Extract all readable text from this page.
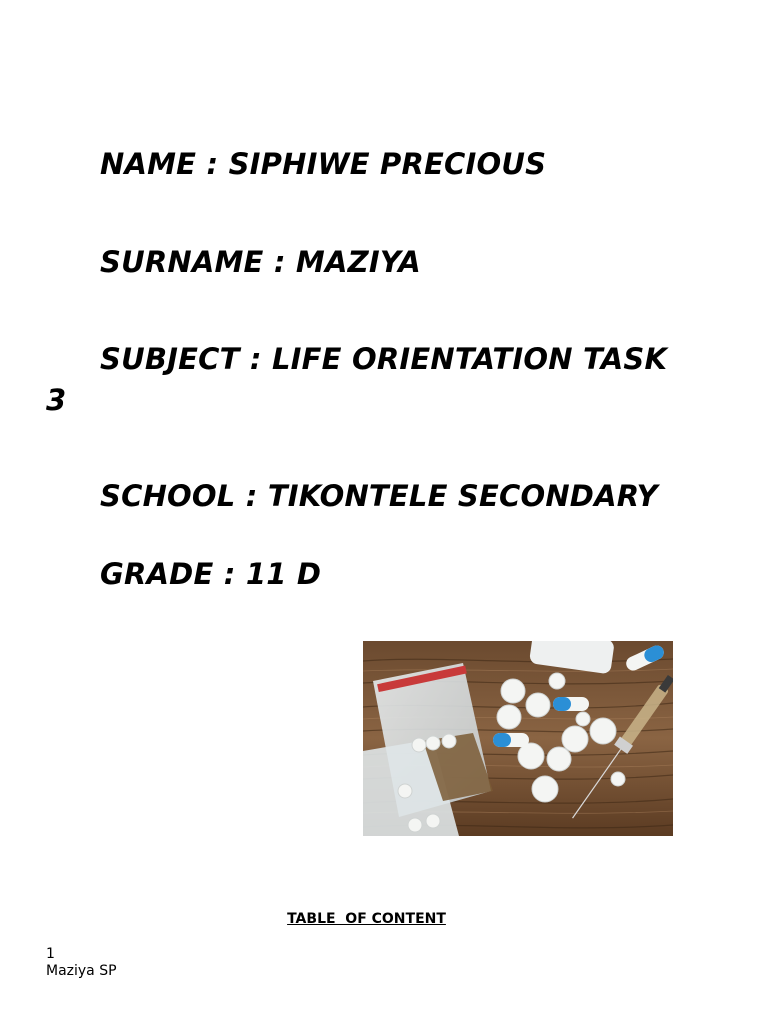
NAME : SIPHIWE PRECIOUS
SURNAME : MAZIYA
SUBJECT : LIFE ORIENTATION TASK
3
SCHOOL : TIKONTELE SECONDARY
GRADE : 11 D
TABLE  OF CONTENT
1
Maziya SP
